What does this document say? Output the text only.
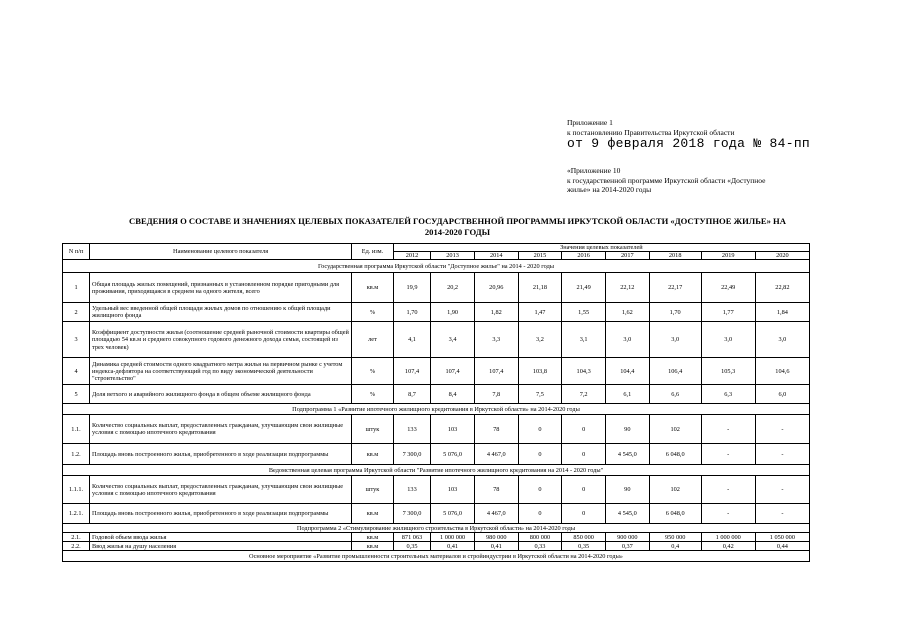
Приложение 1
к постановлению Правительства Иркутской области
от 9 февраля 2018 года № 84-пп
«Приложение 10
к государственной программе Иркутской области «Доступное
жилье» на 2014-2020 годы
СВЕДЕНИЯ О СОСТАВЕ И ЗНАЧЕНИЯХ ЦЕЛЕВЫХ ПОКАЗАТЕЛЕЙ ГОСУДАРСТВЕННОЙ ПРОГРАММЫ ИРКУТСКОЙ ОБЛАСТИ «ДОСТУПНОЕ ЖИЛЬЕ» НА
2014-2020 ГОДЫ
N п/п	Наименование целевого показателя	Ед. изм.	Значения целевых показателей								
			2012	2013	2014	2015	2016	2017	2018	2019	2020
Государственная программа Иркутской области "Доступное жилье" на 2014 - 2020 годы											
1	Общая площадь жилых помещений, признанных в установленном порядке пригодными для проживания, приходящаяся в среднем на одного жителя, всего	кв.м	19,9	20,2	20,96	21,18	21,49	22,12	22,17	22,49	22,82
2	Удельный вес введенной общей площади жилых домов по отношению к общей площади жилищного фонда	%	1,70	1,90	1,82	1,47	1,55	1,62	1,70	1,77	1,84
3	Коэффициент доступности жилья (соотношение средней рыночной стоимости квартиры общей площадью 54 кв.м и среднего совокупного годового денежного дохода семьи, состоящей из трех человек)	лет	4,1	3,4	3,3	3,2	3,1	3,0	3,0	3,0	3,0
4	Динамика средней стоимости одного квадратного метра жилья на первичном рынке с учетом индекса-дефлятора на соответствующий год по виду экономической деятельности "строительство"	%	107,4	107,4	107,4	103,8	104,3	104,4	106,4	105,3	104,6
5	Доля ветхого и аварийного жилищного фонда в общем объеме жилищного фонда	%	8,7	8,4	7,8	7,5	7,2	6,1	6,6	6,3	6,0
Подпрограмма 1 «Развитие ипотечного жилищного кредитования в Иркутской области» на 2014-2020 годы											
1.1.	Количество социальных выплат, предоставленных гражданам, улучшающим свои жилищные условия с помощью ипотечного кредитования	штук	133	103	78	0	0	90	102	-	-
1.2.	Площадь вновь построенного жилья, приобретенного в ходе реализации подпрограммы	кв.м	7 300,0	5 076,0	4 467,0	0	0	4 545,0	6 048,0	-	-
Ведомственная целевая программа Иркутской области "Развитие ипотечного жилищного кредитования на 2014 - 2020 годы"											
1.1.1.	Количество социальных выплат, предоставленных гражданам, улучшающим свои жилищные условия с помощью ипотечного кредитования	штук	133	103	78	0	0	90	102	-	-
1.2.1.	Площадь вновь построенного жилья, приобретенного в ходе реализации подпрограммы	кв.м	7 300,0	5 076,0	4 467,0	0	0	4 545,0	6 048,0	-	-
Подпрограмма 2 «Стимулирование жилищного строительства в Иркутской области» на 2014-2020 годы											
2.1.	Годовой объем ввода жилья	кв.м	871 063	1 000 000	980 000	800 000	850 000	900 000	950 000	1 000 000	1 050 000
2.2.	Ввод жилья на душу населения	кв.м	0,35	0,41	0,41	0,33	0,35	0,37	0,4	0,42	0,44
Основное мероприятие «Развитие промышленности строительных материалов и стройиндустрии в Иркутской области на 2014-2020 годы»											
